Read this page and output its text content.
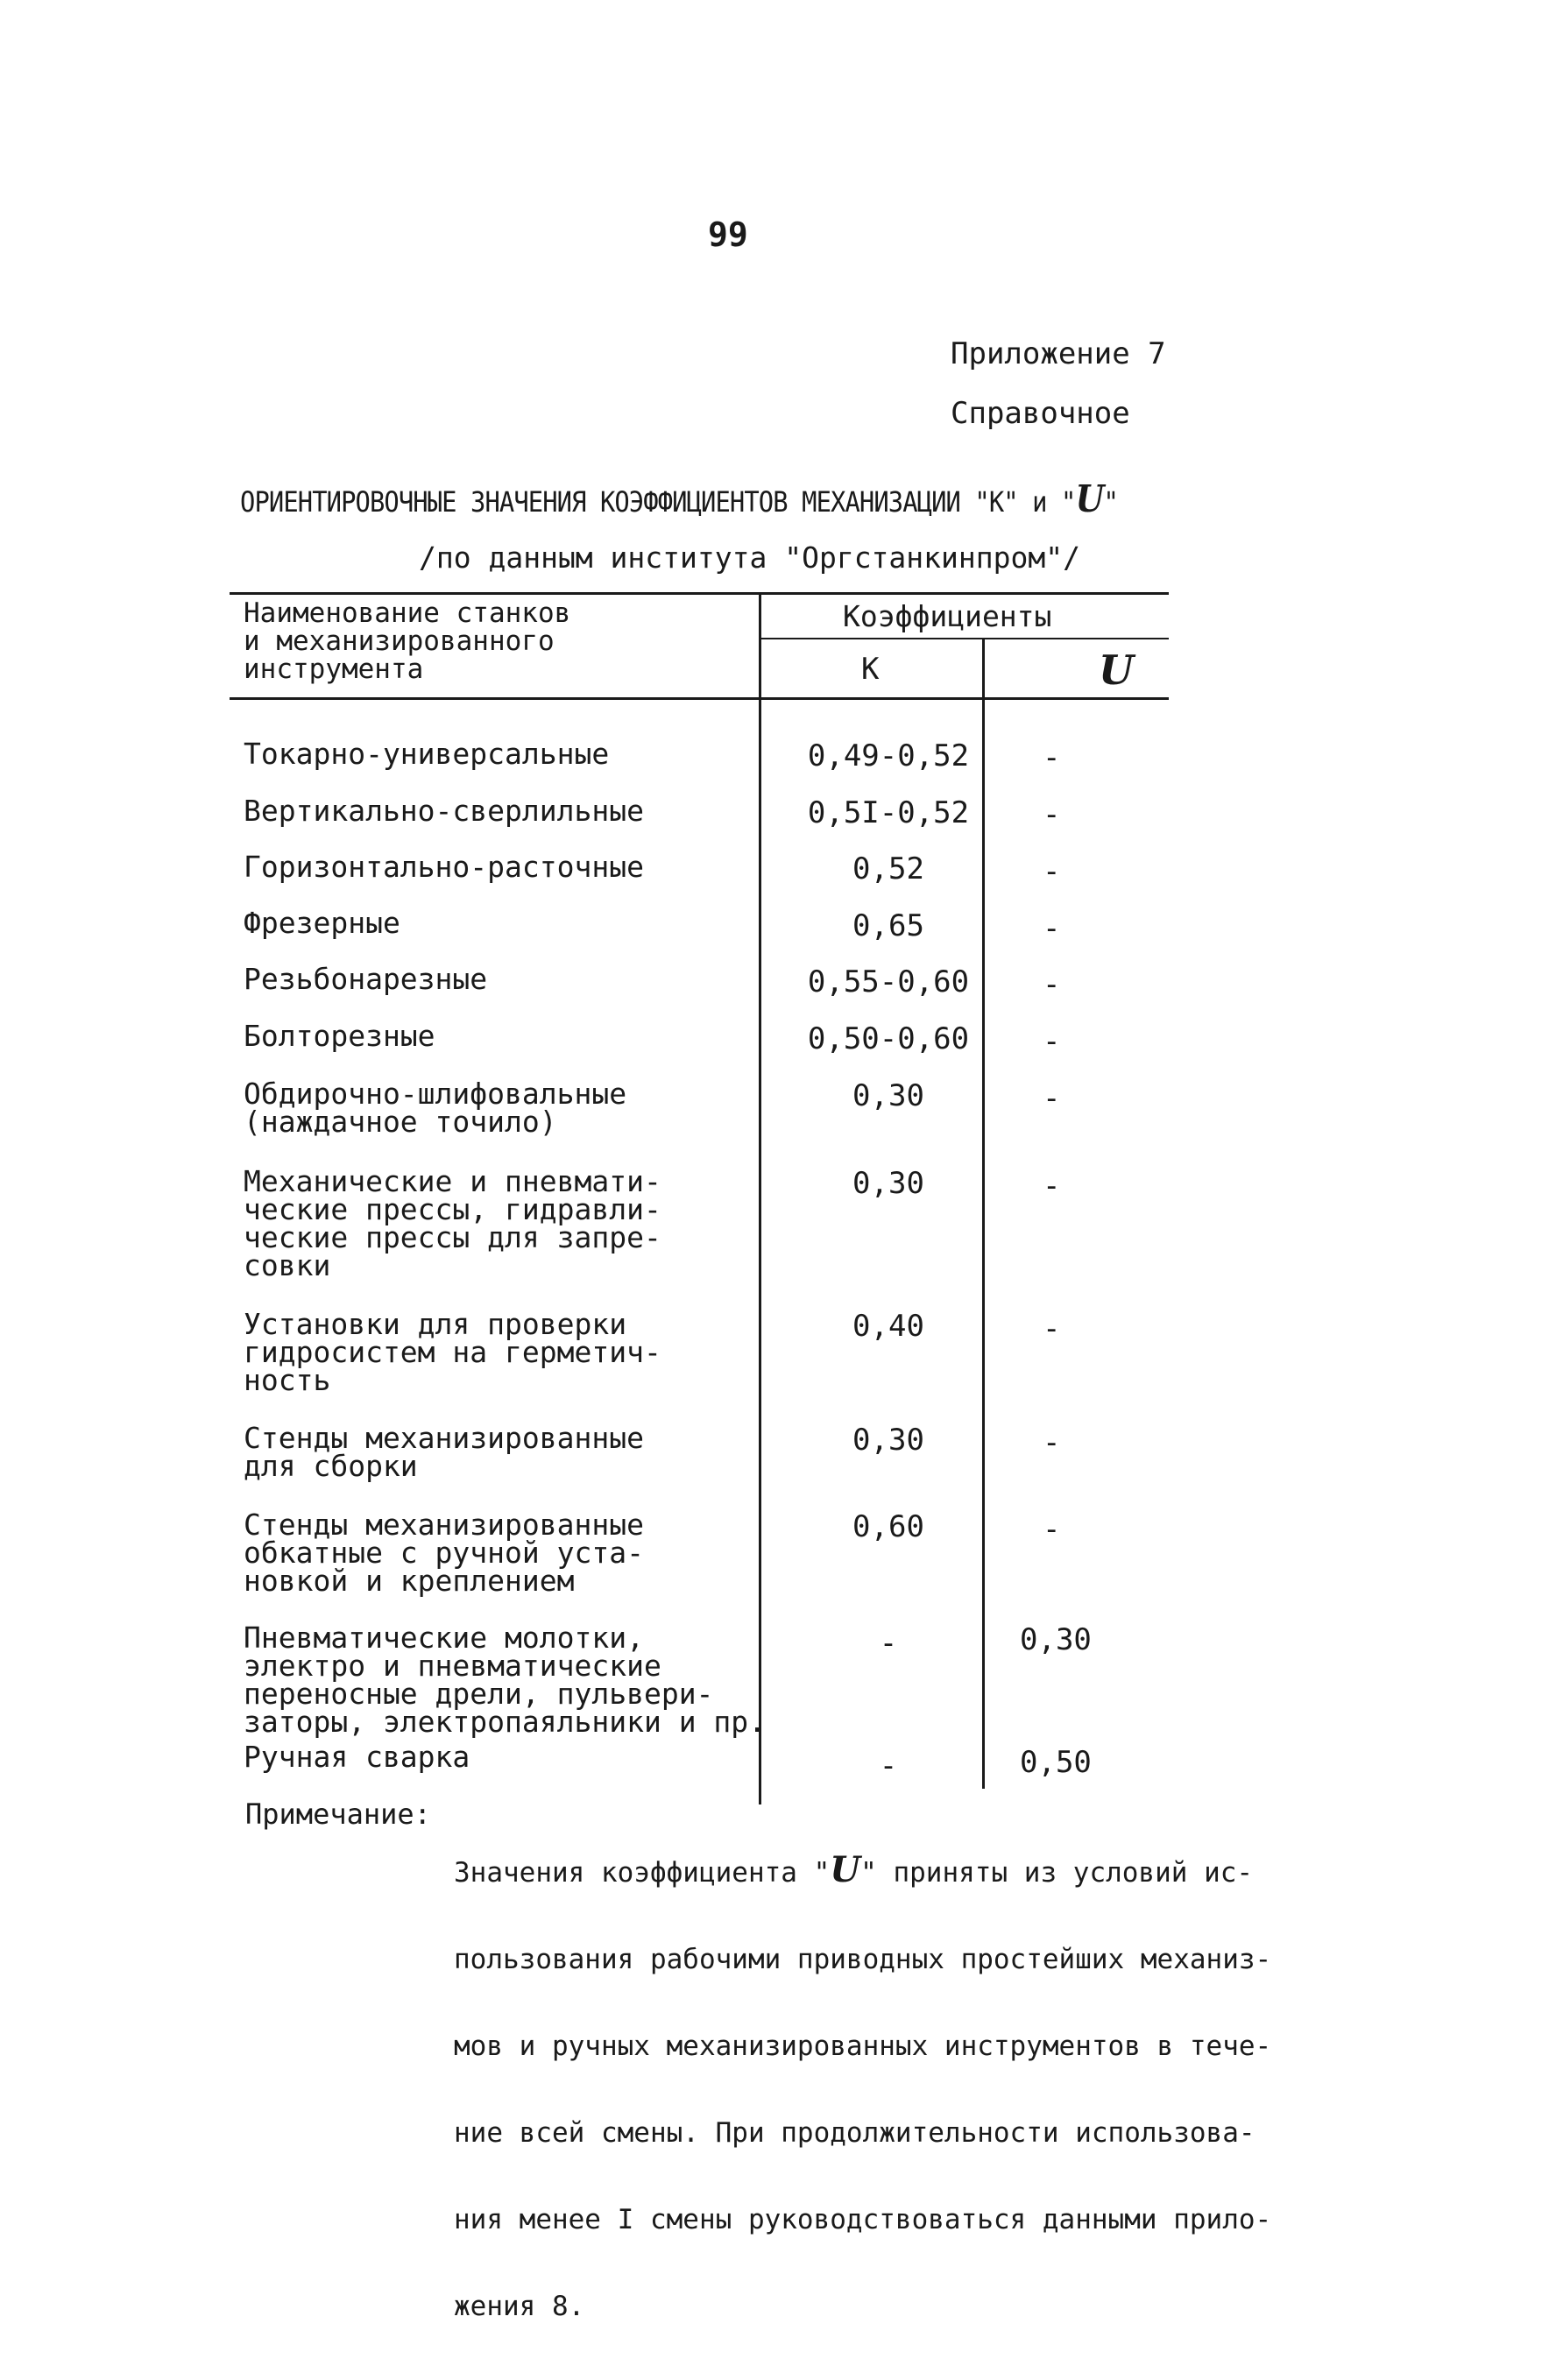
99
Приложение 7
Справочное
ОРИЕНТИРОВОЧНЫЕ ЗНАЧЕНИЯ КОЭФФИЦИЕНТОВ МЕХАНИЗАЦИИ "К" и "U"
/по данным института "Оргстанкинпром"/
Наименование станков
и механизированного
инструмента
Коэффициенты
К	U
Токарно-универсальные	0,49-0,52	-
Вертикально-сверлильные	0,5I-0,52	-
Горизонтально-расточные	0,52	-
Фрезерные	0,65	-
Резьбонарезные	0,55-0,60	-
Болторезные	0,50-0,60	-
Обдирочно-шлифовальные
(наждачное точило)
0,30	-
Механические и пневмати-
ческие прессы, гидравли-
ческие прессы для запре-
совки
0,30	-
Установки для проверки
гидросистем на герметич-
ность
0,40	-
Стенды механизированные
для сборки
0,30	-
Стенды механизированные
обкатные с ручной уста-
новкой и креплением
0,60	-
Пневматические молотки,
электро и пневматические
переносные дрели, пульвери-
заторы, электропаяльники и пр.
-	0,30
Ручная сварка	-	0,50
Примечание:

Значения коэффициента "U" приняты из условий ис-

пользования рабочими приводных простейших механиз-

мов и ручных механизированных инструментов в тече-

ние всей смены. При продолжительности использова-

ния менее I смены руководствоваться данными прило-

жения 8.
